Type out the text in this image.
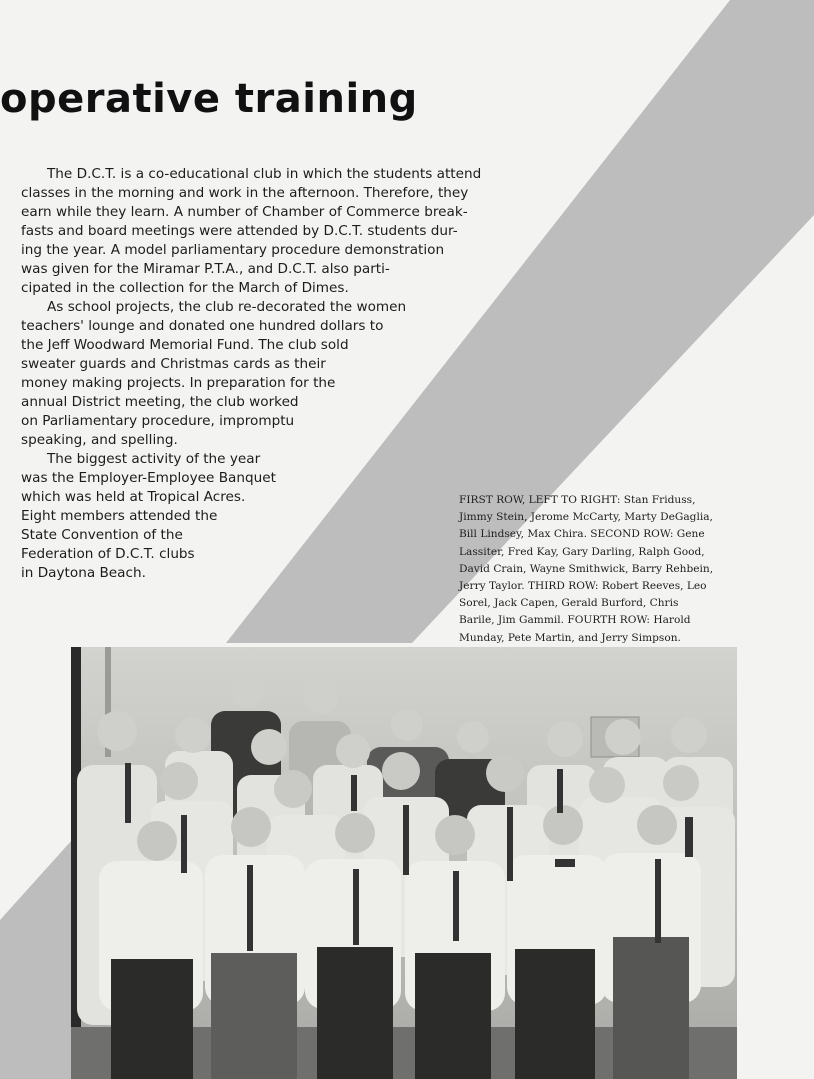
operative training
The D.C.T. is a co-educational club in which the students attend
classes in the morning and work in the afternoon. Therefore, they
earn while they learn. A number of Chamber of Commerce break-
fasts and board meetings were attended by D.C.T. students dur-
ing the year. A model parliamentary procedure demonstration
was given for the Miramar P.T.A., and D.C.T. also parti-
cipated in the collection for the March of Dimes.
As school projects, the club re-decorated the women
teachers' lounge and donated one hundred dollars to
the Jeff Woodward Memorial Fund. The club sold
sweater guards and Christmas cards as their
money making projects. In preparation for the
annual District meeting, the club worked
on Parliamentary procedure, impromptu
speaking, and spelling.
The biggest activity of the year
was the Employer-Employee Banquet
which was held at Tropical Acres.
Eight members attended the
State Convention of the
Federation of D.C.T. clubs
in Daytona Beach.
FIRST ROW, LEFT TO RIGHT: Stan Friduss,
Jimmy Stein, Jerome McCarty, Marty DeGaglia,
Bill Lindsey, Max Chira. SECOND ROW: Gene
Lassiter, Fred Kay, Gary Darling, Ralph Good,
David Crain, Wayne Smithwick, Barry Rehbein,
Jerry Taylor. THIRD ROW: Robert Reeves, Leo
Sorel, Jack Capen, Gerald Burford, Chris
Barile, Jim Gammil. FOURTH ROW: Harold
Munday, Pete Martin, and Jerry Simpson.
